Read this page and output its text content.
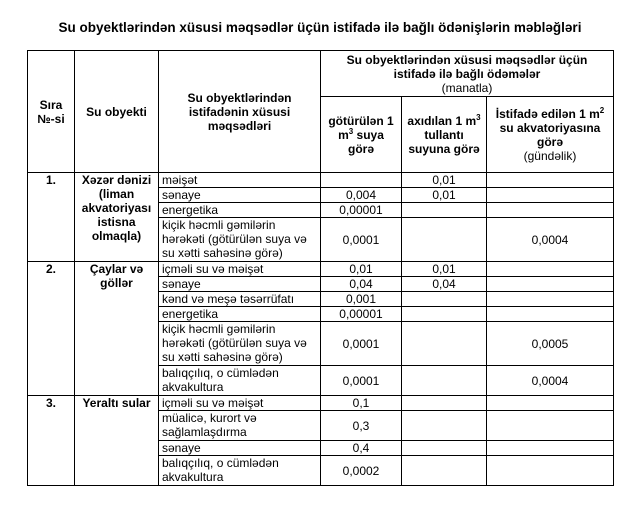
Su obyektlərindən xüsusi məqsədlər üçün istifadə ilə bağlı ödənişlərin məbləğləri
Sıra №-si	Su obyekti	Su obyektlərindən istifadənin xüsusi məqsədləri	Su obyektlərindən xüsusi məqsədlər üçün istifadə ilə bağlı ödəmələr
(manatla)		

			götürülən 1 $m^3$ suya görə	axıdılan 1 $m^3$ tullantı suyuna görə	İstifadə edilən 1 $m^2$ su akvatoriyasına görə
(gündəlik)

1.	Xəzər dənizi (liman akvatoriyası istisna olmaqla)	məişət		0,01	
		sənaye	0,004	0,01	
		energetika	0,00001		
		kiçik həcmli gəmilərin hərəkəti (götürülən suya və su xətti sahəsinə görə)	0,0001		0,0004
2.	Çaylar və göllər	içməli su və məişət	0,01	0,01	
		sənaye	0,04	0,04	
		kənd və meşə təsərrüfatı	0,001		
		energetika	0,00001		
		kiçik həcmli gəmilərin hərəkəti (götürülən suya və su xətti sahəsinə görə)	0,0001		0,0005
		balıqçılıq, o cümlədən akvakultura	0,0001		0,0004
3.	Yeraltı sular	içməli su və məişət	0,1		
		müalicə, kurort və sağlamlaşdırma	0,3		
		sənaye	0,4		
		balıqçılıq, o cümlədən akvakultura	0,0002		
